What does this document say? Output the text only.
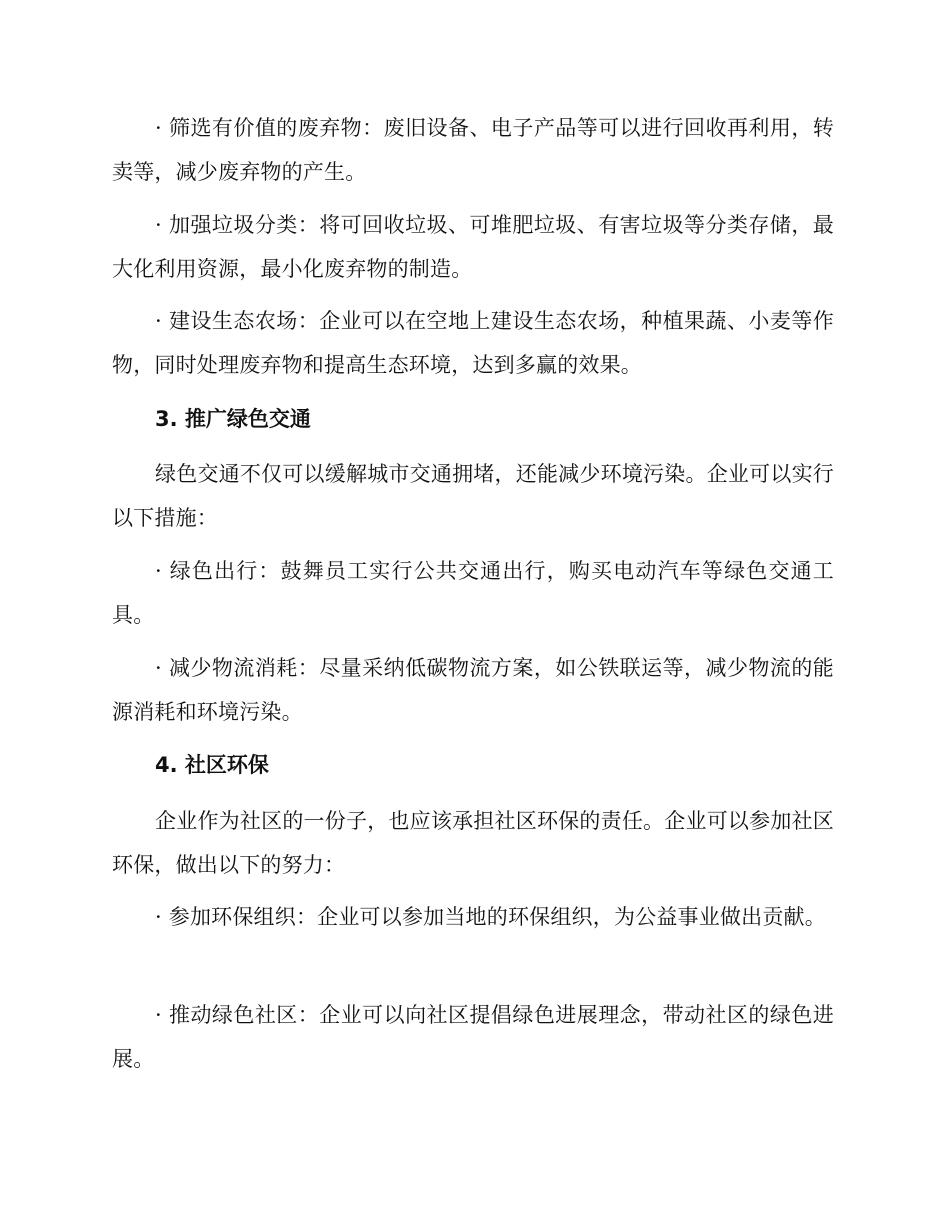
· 筛选有价值的废弃物：废旧设备、电子产品等可以进行回收再利用，转卖等，减少废弃物的产生。

· 加强垃圾分类：将可回收垃圾、可堆肥垃圾、有害垃圾等分类存储，最大化利用资源，最小化废弃物的制造。

· 建设生态农场：企业可以在空地上建设生态农场，种植果蔬、小麦等作物，同时处理废弃物和提高生态环境，达到多赢的效果。

3. 推广绿色交通

绿色交通不仅可以缓解城市交通拥堵，还能减少环境污染。企业可以实行以下措施：

· 绿色出行：鼓舞员工实行公共交通出行，购买电动汽车等绿色交通工具。

· 减少物流消耗：尽量采纳低碳物流方案，如公铁联运等，减少物流的能源消耗和环境污染。

4. 社区环保

企业作为社区的一份子，也应该承担社区环保的责任。企业可以参加社区环保，做出以下的努力：

· 参加环保组织：企业可以参加当地的环保组织，为公益事业做出贡献。

· 推动绿色社区：企业可以向社区提倡绿色进展理念，带动社区的绿色进展。
